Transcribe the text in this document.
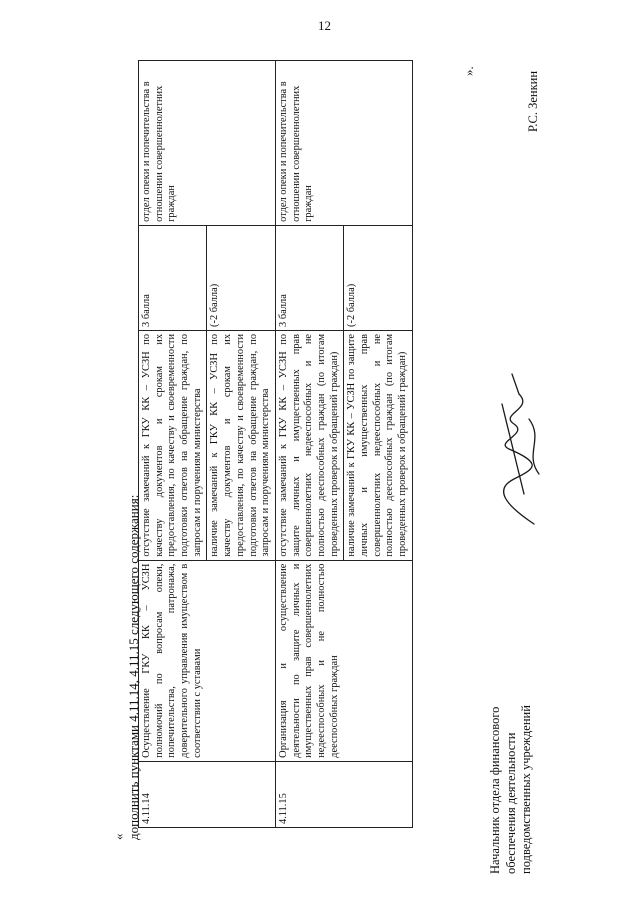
12
« дополнить пунктами 4.11.14, 4.11.15 следующего содержания: 4.11.14	Осуществление ГКУ КК – УСЗН полномочий по вопросам опеки, попечительства, патронажа, доверительного управления имуществом в соответствии с уставами	отсутствие замечаний к ГКУ КК – УСЗН по качеству документов и срокам их предоставления, по качеству и своевременности подготовки ответов на обращение граждан, по запросам и поручениям министерства	3 балла	отдел опеки и попечительства в отношении совершеннолетних граждан
		наличие замечаний к ГКУ КК – УСЗН по качеству документов и срокам их предоставления, по качеству и своевременности подготовки ответов на обращение граждан, по запросам и поручениям министерства	(-2 балла)	
4.11.15	Организация и осуществление деятельности по защите личных и имущественных прав совершеннолетних недееспособных и не полностью дееспособных граждан	отсутствие замечаний к ГКУ КК – УСЗН по защите личных и имущественных прав совершеннолетних недееспособных и не полностью дееспособных граждан (по итогам проведенных проверок и обращений граждан)	3 балла	отдел опеки и попечительства в отношении совершеннолетних граждан
		наличие замечаний к ГКУ КК – УСЗН по защите личных и имущественных прав совершеннолетних недееспособных и не полностью дееспособных граждан (по итогам проведенных проверок и обращений граждан)	(-2 балла)	
».
Начальник отдела финансового обеспечения деятельности подведомственных учреждений
Р.С. Зенкин
